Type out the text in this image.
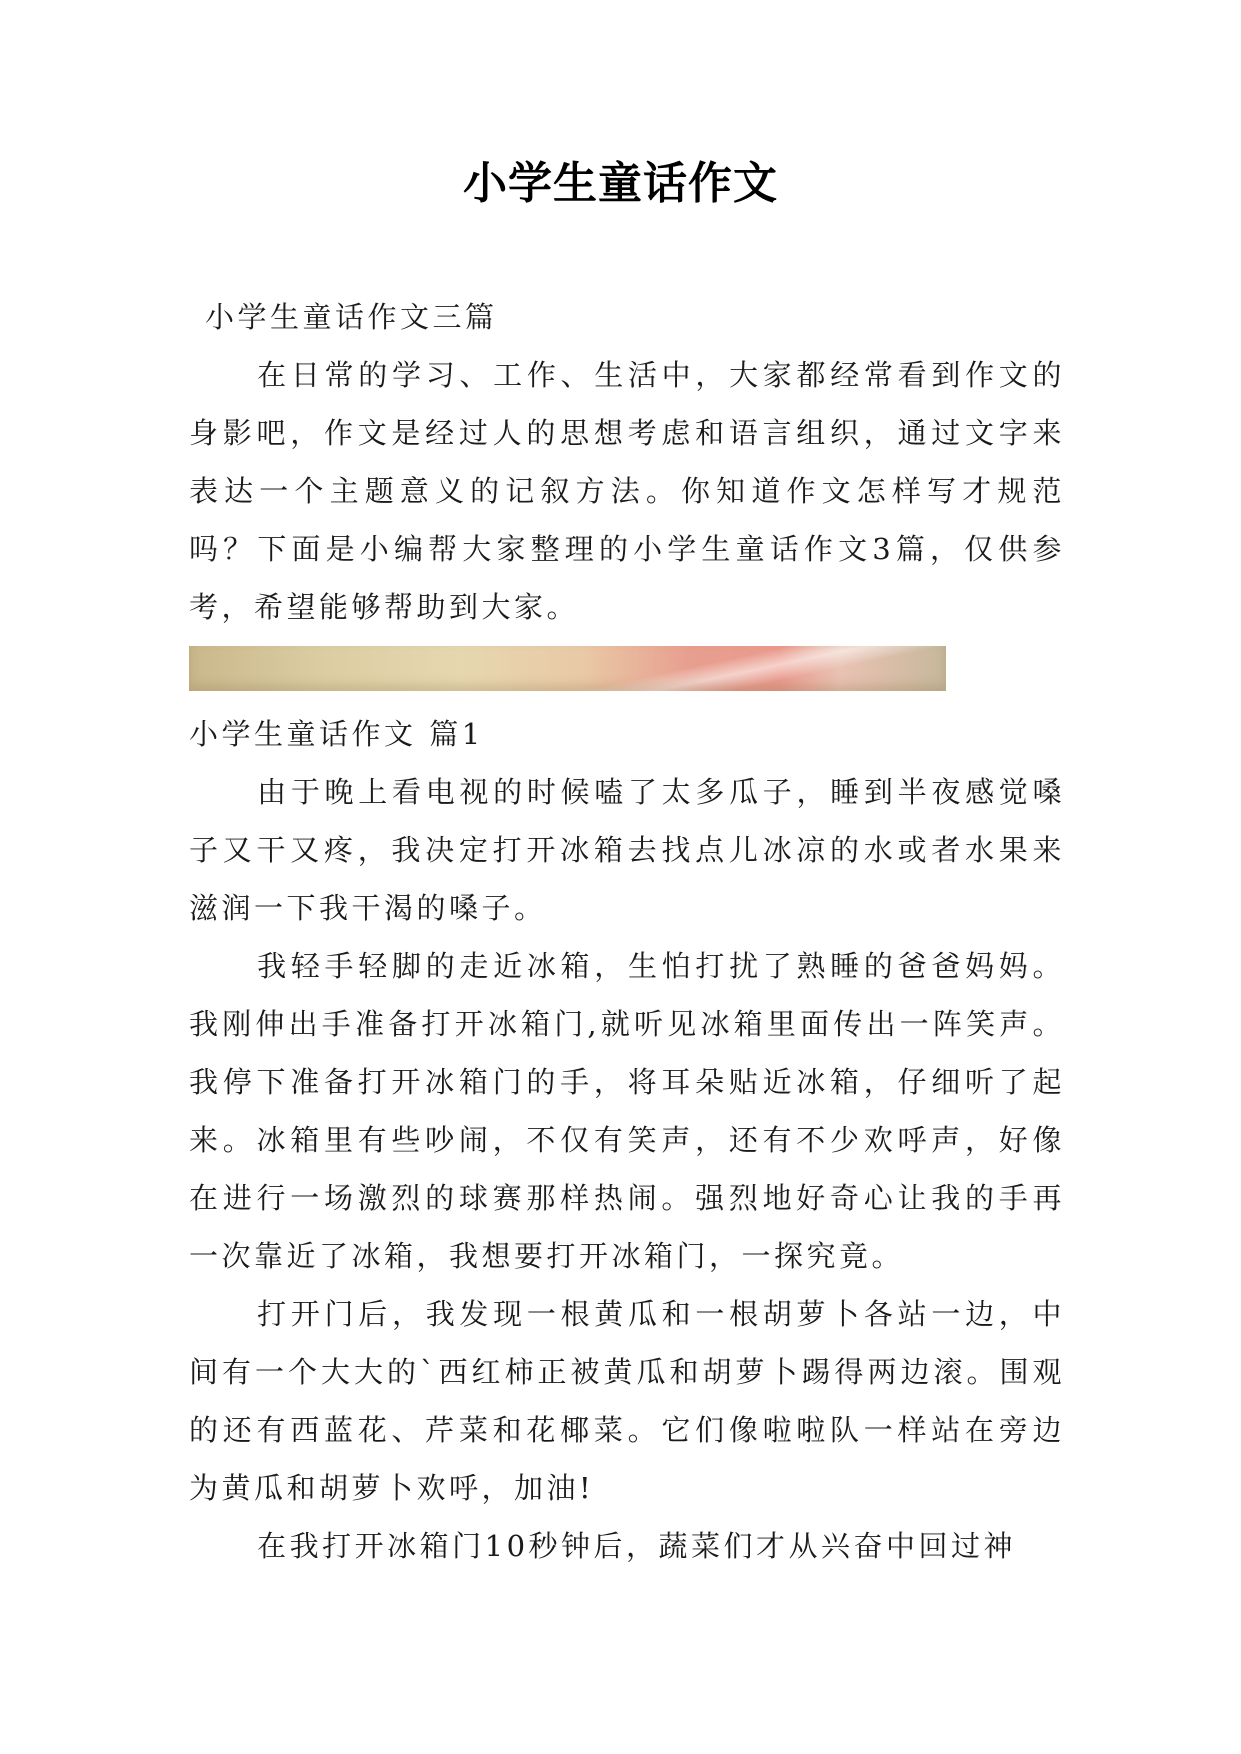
小学生童话作文

小学生童话作文三篇

在日常的学习、工作、生活中，大家都经常看到作文的身影吧，作文是经过人的思想考虑和语言组织，通过文字来表达一个主题意义的记叙方法。你知道作文怎样写才规范吗？下面是小编帮大家整理的小学生童话作文3篇，仅供参考，希望能够帮助到大家。

小学生童话作文 篇1

由于晚上看电视的时候嗑了太多瓜子，睡到半夜感觉嗓子又干又疼，我决定打开冰箱去找点儿冰凉的水或者水果来滋润一下我干渴的嗓子。

我轻手轻脚的走近冰箱，生怕打扰了熟睡的爸爸妈妈。我刚伸出手准备打开冰箱门,就听见冰箱里面传出一阵笑声。我停下准备打开冰箱门的手，将耳朵贴近冰箱，仔细听了起来。冰箱里有些吵闹，不仅有笑声，还有不少欢呼声，好像在进行一场激烈的球赛那样热闹。强烈地好奇心让我的手再一次靠近了冰箱，我想要打开冰箱门，一探究竟。

打开门后，我发现一根黄瓜和一根胡萝卜各站一边，中间有一个大大的`西红柿正被黄瓜和胡萝卜踢得两边滚。围观的还有西蓝花、芹菜和花椰菜。它们像啦啦队一样站在旁边为黄瓜和胡萝卜欢呼，加油!

在我打开冰箱门10秒钟后，蔬菜们才从兴奋中回过神
